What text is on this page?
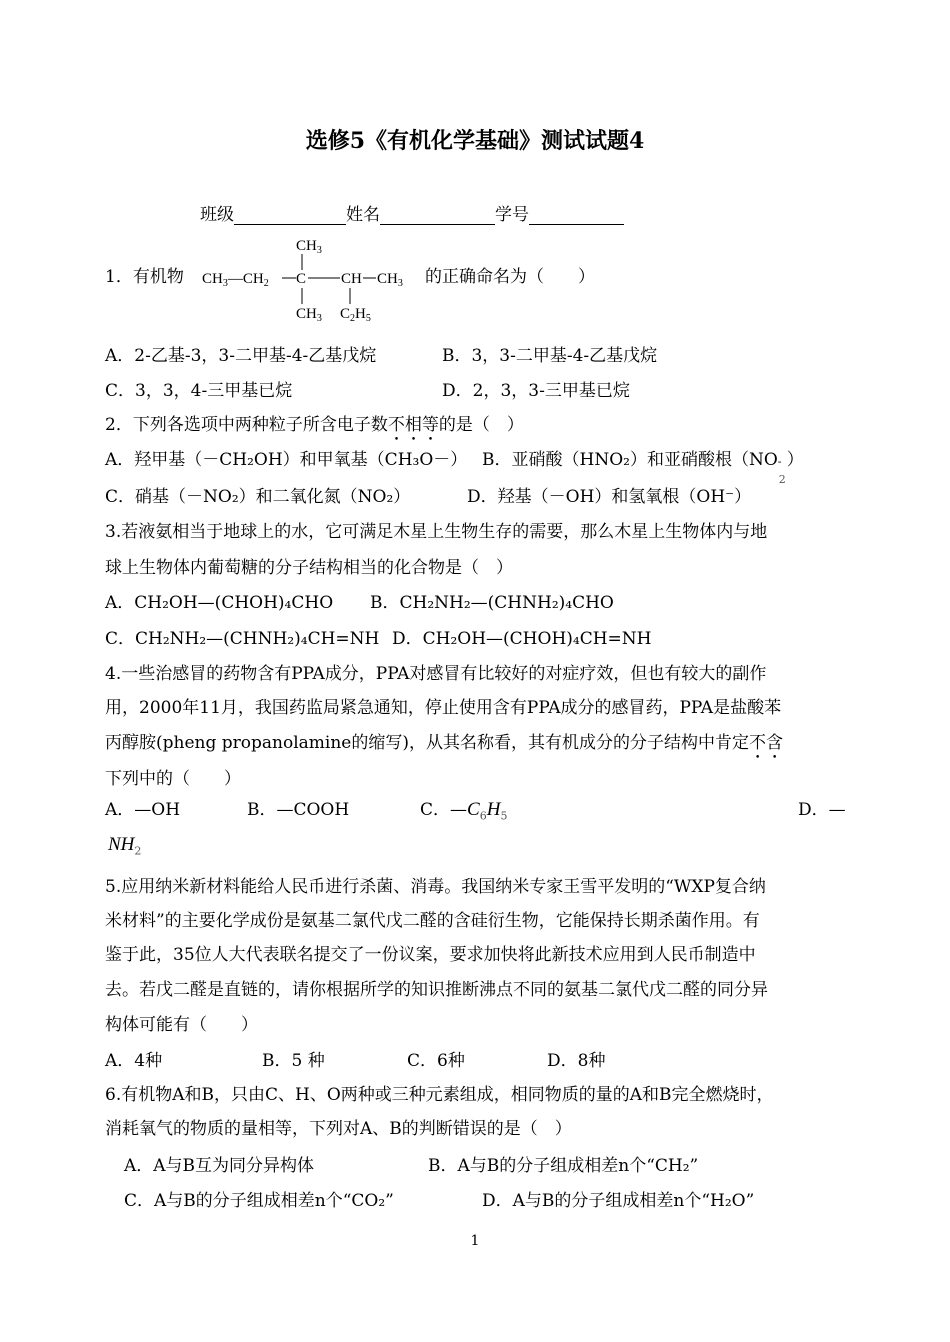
选修5《有机化学基础》测试试题4
班级	姓名	学号
1．有机物
$CH_3$
$CH_3—CH_2$ C CH $CH_3$
$CH_3$ $C_2H_5$
的正确命名为（　　）
A．2-乙基-3，3-二甲基-4-乙基戊烷	B．3，3-二甲基-4-乙基戊烷
C．3，3，4-三甲基已烷	D．2，3，3-三甲基已烷
2．下列各选项中两种粒子所含电子数不相等的是（　）
A．羟甲基（－CH₂OH）和甲氧基（CH₃O－） B．亚硝酸（HNO₂）和亚硝酸根（NO -
2
）
C．硝基（－NO₂）和二氧化氮（NO₂）	D．羟基（－OH）和氢氧根（OH⁻）
3.若液氨相当于地球上的水，它可满足木星上生物生存的需要，那么木星上生物体内与地
球上生物体内葡萄糖的分子结构相当的化合物是（　）
A．CH₂OH—(CHOH)₄CHO B．CH₂NH₂—(CHNH₂)₄CHO
C．CH₂NH₂—(CHNH₂)₄CH=NH D．CH₂OH—(CHOH)₄CH=NH
4.一些治感冒的药物含有PPA成分，PPA对感冒有比较好的对症疗效，但也有较大的副作
用，2000年11月，我国药监局紧急通知，停止使用含有PPA成分的感冒药，PPA是盐酸苯
丙醇胺(pheng propanolamine的缩写)，从其名称看，其有机成分的分子结构中肯定不含
下列中的（　　）
A．—OH	B．—COOH	C．$—C_6H_5$	D．—
$NH_2$
5.应用纳米新材料能给人民币进行杀菌、消毒。我国纳米专家王雪平发明的“WXP复合纳
米材料”的主要化学成份是氨基二氯代戊二醛的含硅衍生物，它能保持长期杀菌作用。有
鉴于此，35位人大代表联名提交了一份议案，要求加快将此新技术应用到人民币制造中
去。若戊二醛是直链的，请你根据所学的知识推断沸点不同的氨基二氯代戊二醛的同分异
构体可能有（　　）
A．4种	B．5 种	C．6种	D．8种
6.有机物A和B，只由C、H、O两种或三种元素组成，相同物质的量的A和B完全燃烧时，
消耗氧气的物质的量相等，下列对A、B的判断错误的是（　）
A．A与B互为同分异构体	B．A与B的分子组成相差n个“CH₂”
C．A与B的分子组成相差n个“CO₂”	D．A与B的分子组成相差n个“H₂O”
1
